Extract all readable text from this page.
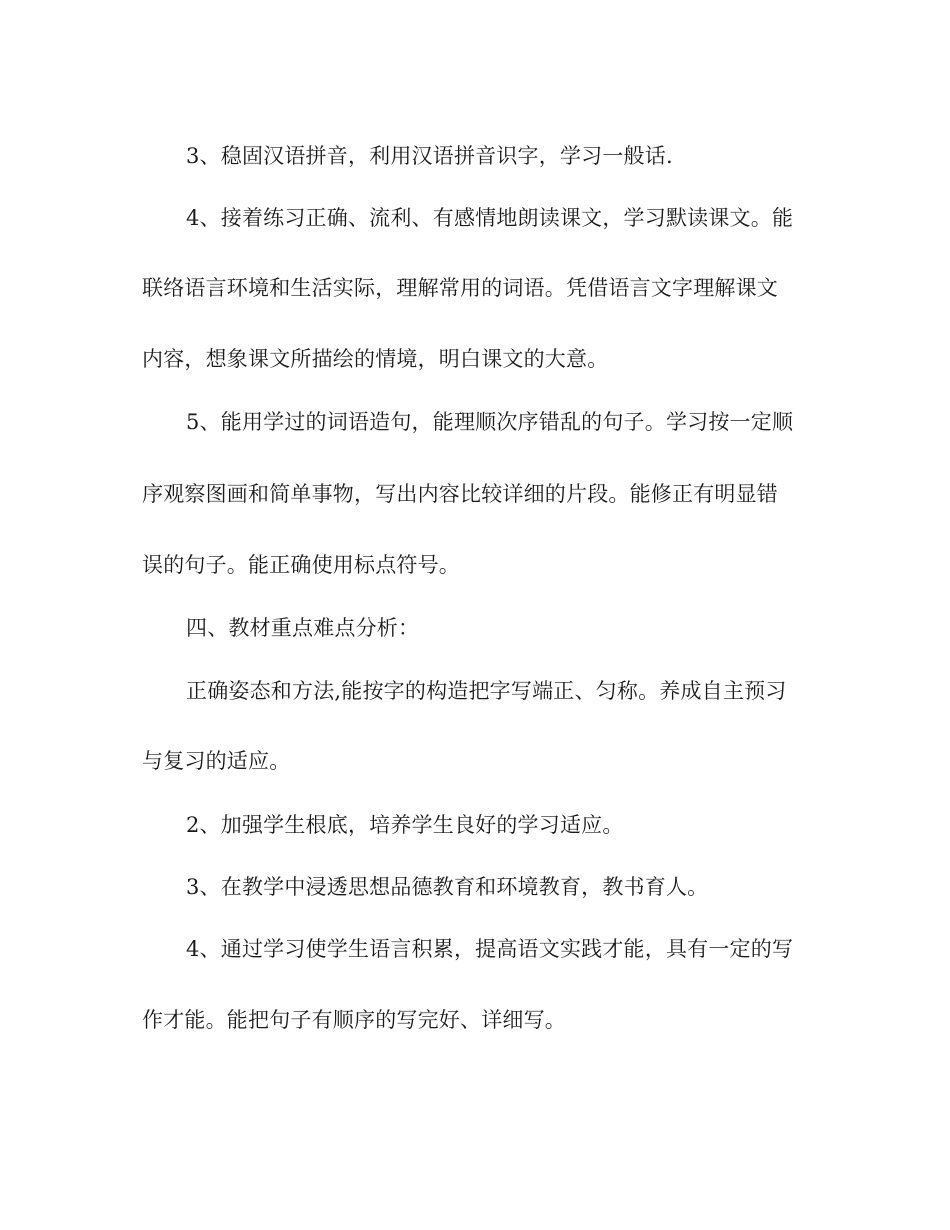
3、稳固汉语拼音，利用汉语拼音识字，学习一般话.
4、接着练习正确、流利、有感情地朗读课文，学习默读课文。能
联络语言环境和生活实际，理解常用的词语。凭借语言文字理解课文
内容，想象课文所描绘的情境，明白课文的大意。
5、能用学过的词语造句，能理顺次序错乱的句子。学习按一定顺
序观察图画和简单事物，写出内容比较详细的片段。能修正有明显错
误的句子。能正确使用标点符号。
四、教材重点难点分析：
正确姿态和方法,能按字的构造把字写端正、匀称。养成自主预习
与复习的适应。
2、加强学生根底，培养学生良好的学习适应。
3、在教学中浸透思想品德教育和环境教育，教书育人。
4、通过学习使学生语言积累，提高语文实践才能，具有一定的写
作才能。能把句子有顺序的写完好、详细写。
